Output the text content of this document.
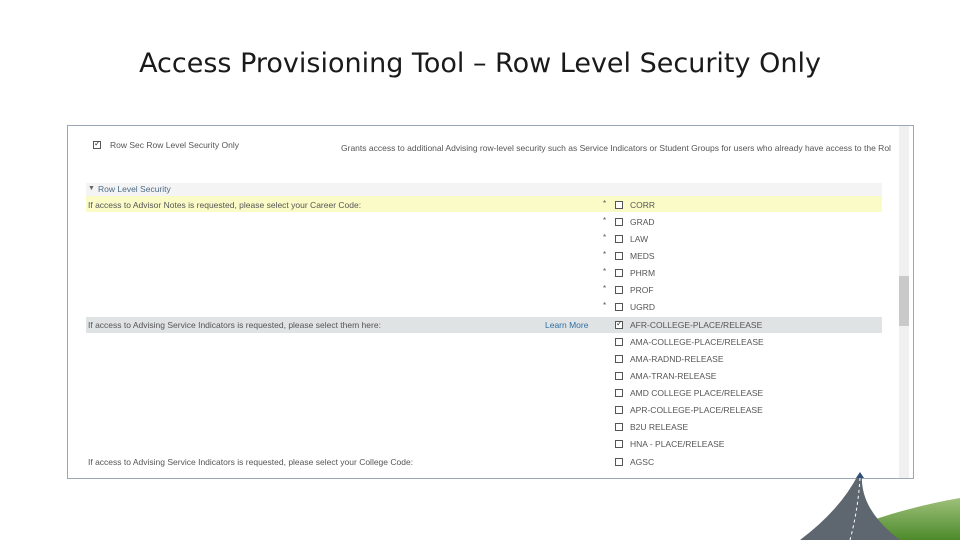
Access Provisioning Tool – Row Level Security Only
✓
Row Sec Row Level Security Only	Grants access to additional Advising row-level security such as Service Indicators or Student Groups for users who already have access to the Rol
▼ Row Level Security
If access to Advisor Notes is requested, please select your Career Code:	*	CORR
*	GRAD
*	LAW
*	MEDS
*	PHRM
*	PROF
*	UGRD
If access to Advising Service Indicators is requested, please select them here:	Learn More
✓	AFR-COLLEGE-PLACE/RELEASE
AMA-COLLEGE-PLACE/RELEASE
AMA-RADND-RELEASE
AMA-TRAN-RELEASE
AMD COLLEGE PLACE/RELEASE
APR-COLLEGE-PLACE/RELEASE
B2U RELEASE
HNA - PLACE/RELEASE
If access to Advising Service Indicators is requested, please select your College Code:	AGSC
